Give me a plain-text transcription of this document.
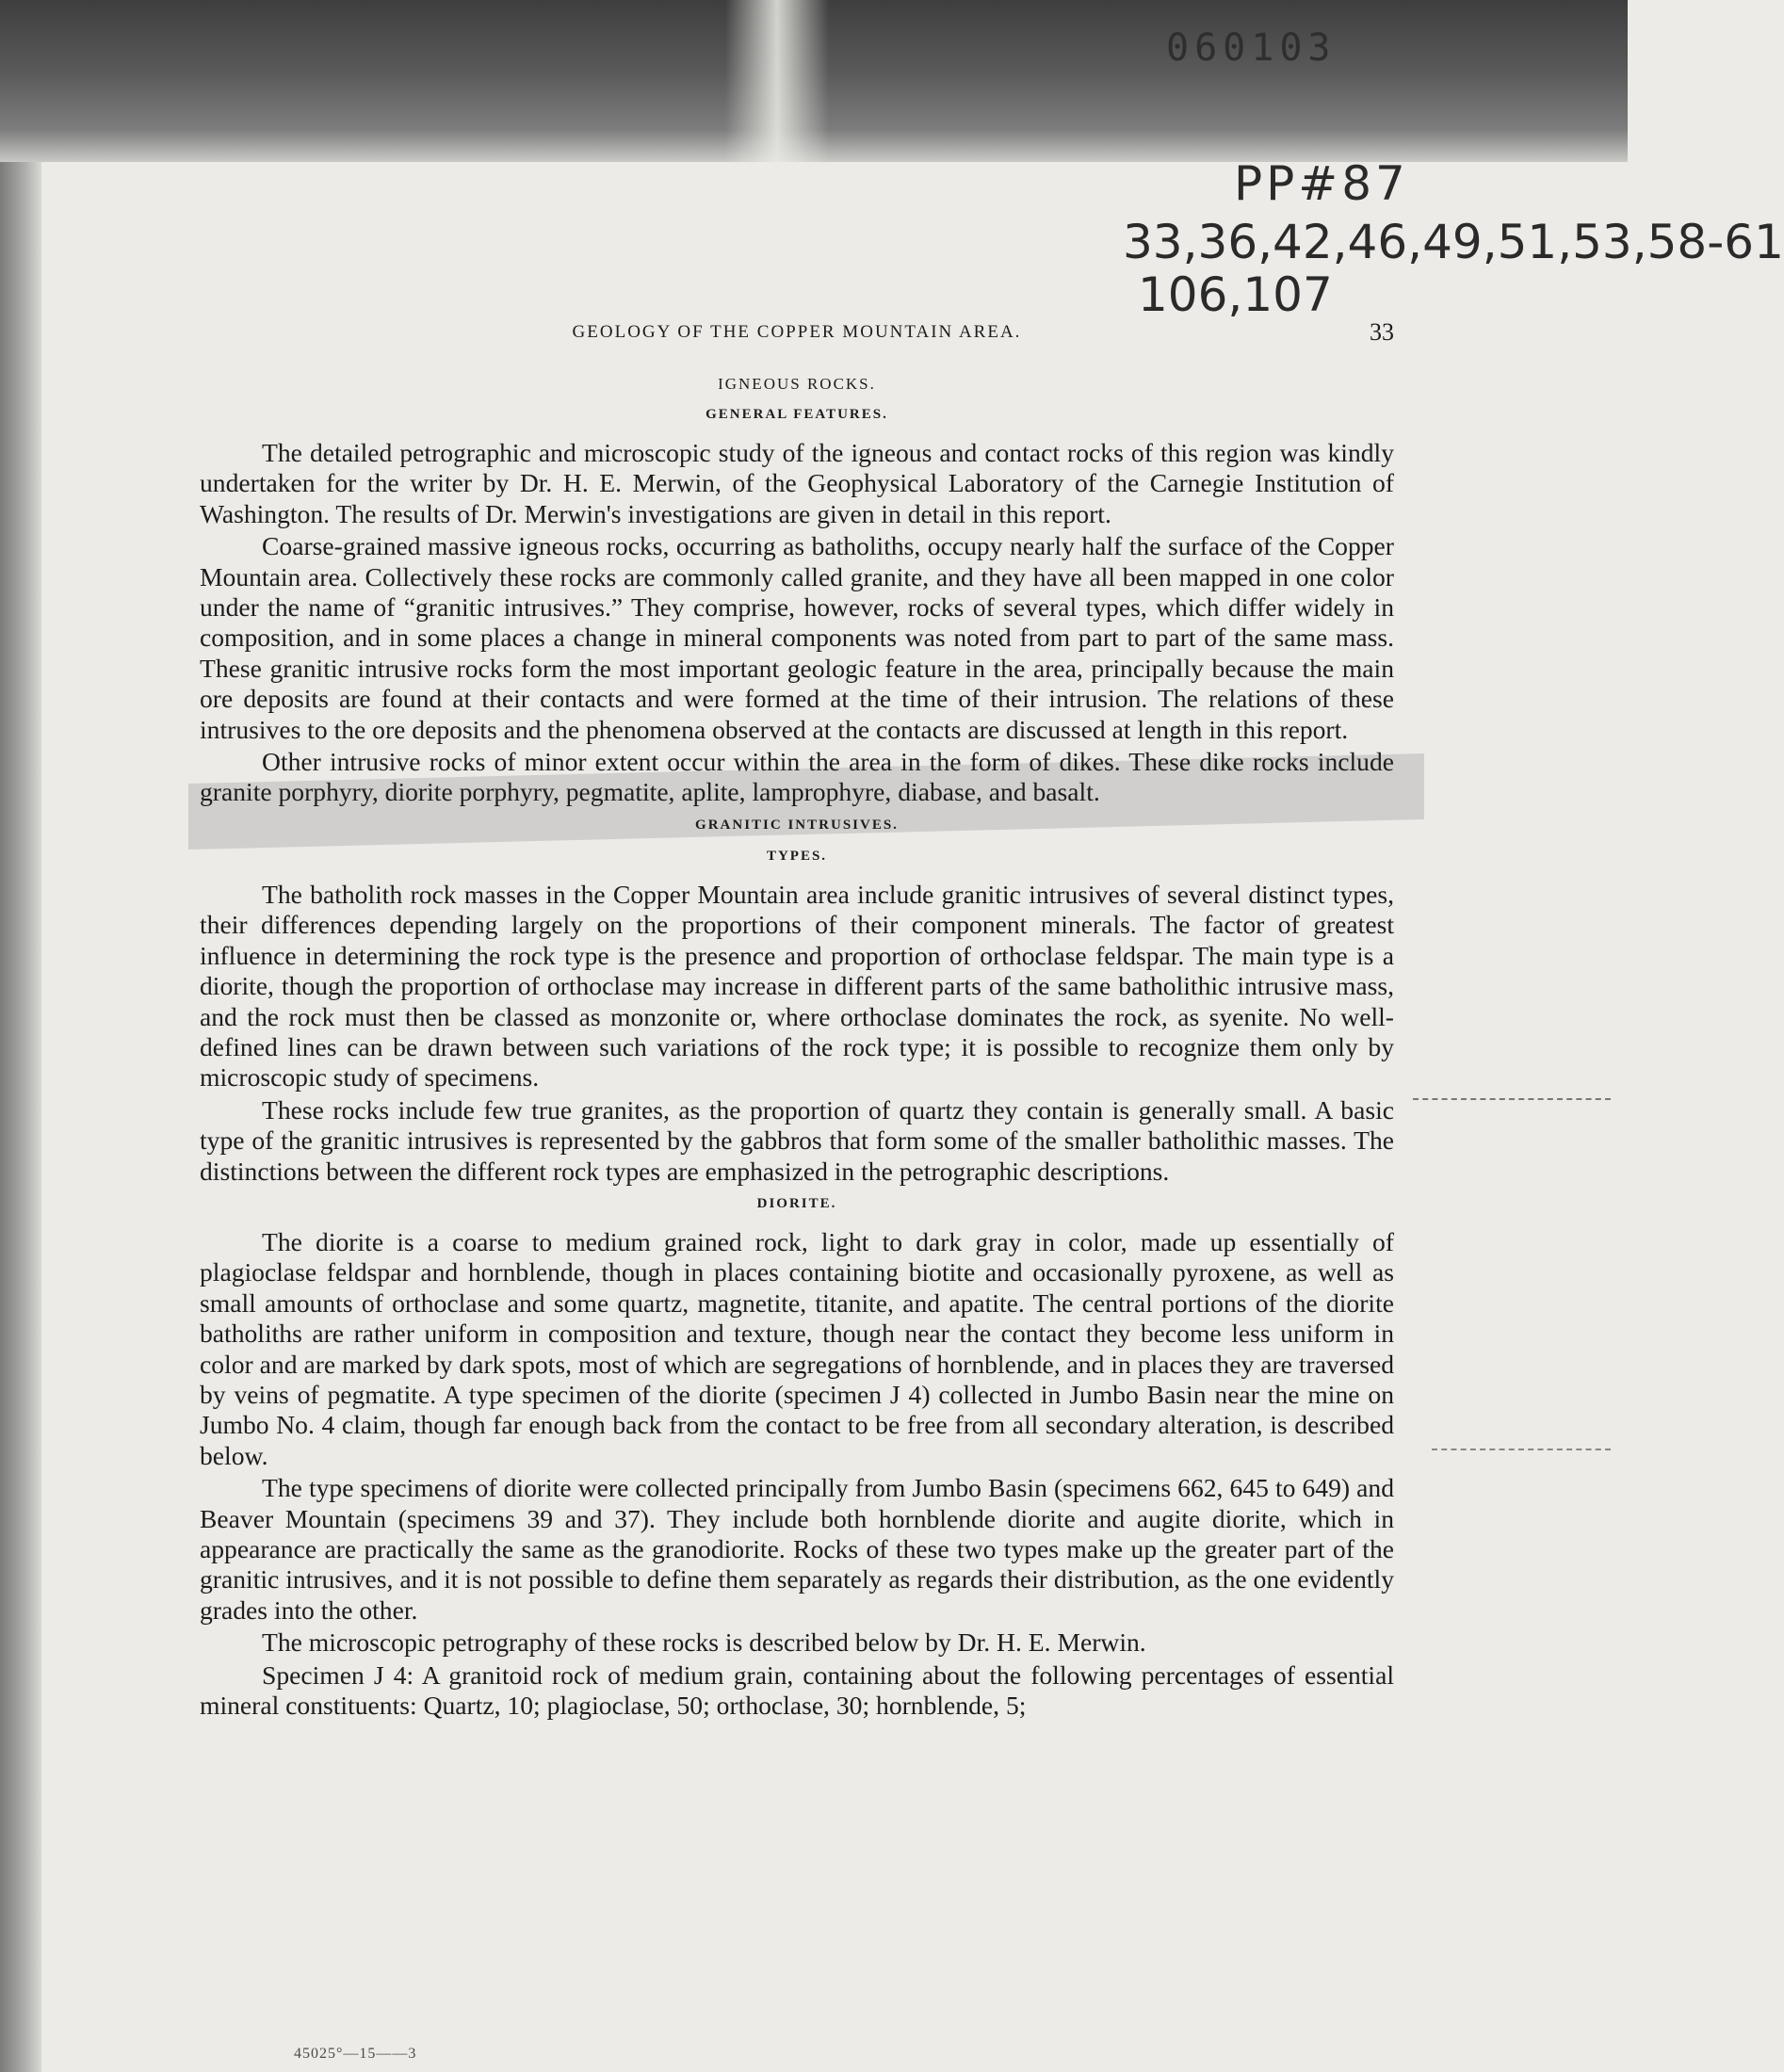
060103
PP#87
33,36,42,46,49,51,53,58-61
106,107
GEOLOGY OF THE COPPER MOUNTAIN AREA.	33
IGNEOUS ROCKS.
GENERAL FEATURES.

The detailed petrographic and microscopic study of the igneous and contact rocks of this region was kindly undertaken for the writer by Dr. H. E. Merwin, of the Geophysical Laboratory of the Carnegie Institution of Washington. The results of Dr. Merwin's investigations are given in detail in this report.

Coarse-grained massive igneous rocks, occurring as batholiths, occupy nearly half the surface of the Copper Mountain area. Collectively these rocks are commonly called granite, and they have all been mapped in one color under the name of “granitic intrusives.” They comprise, however, rocks of several types, which differ widely in composition, and in some places a change in mineral components was noted from part to part of the same mass. These granitic intrusive rocks form the most important geologic feature in the area, principally because the main ore deposits are found at their contacts and were formed at the time of their intrusion. The relations of these intrusives to the ore deposits and the phenomena observed at the contacts are discussed at length in this report.

Other intrusive rocks of minor extent occur within the area in the form of dikes. These dike rocks include granite porphyry, diorite porphyry, pegmatite, aplite, lamprophyre, diabase, and basalt.

GRANITIC INTRUSIVES.
TYPES.

The batholith rock masses in the Copper Mountain area include granitic intrusives of several distinct types, their differences depending largely on the proportions of their component minerals. The factor of greatest influence in determining the rock type is the presence and proportion of orthoclase feldspar. The main type is a diorite, though the proportion of orthoclase may increase in different parts of the same batholithic intrusive mass, and the rock must then be classed as monzonite or, where orthoclase dominates the rock, as syenite. No well-defined lines can be drawn between such variations of the rock type; it is possible to recognize them only by microscopic study of specimens.

These rocks include few true granites, as the proportion of quartz they contain is generally small. A basic type of the granitic intrusives is represented by the gabbros that form some of the smaller batholithic masses. The distinctions between the different rock types are emphasized in the petrographic descriptions.

DIORITE.

The diorite is a coarse to medium grained rock, light to dark gray in color, made up essentially of plagioclase feldspar and hornblende, though in places containing biotite and occasionally pyroxene, as well as small amounts of orthoclase and some quartz, magnetite, titanite, and apatite. The central portions of the diorite batholiths are rather uniform in composition and texture, though near the contact they become less uniform in color and are marked by dark spots, most of which are segregations of hornblende, and in places they are traversed by veins of pegmatite. A type specimen of the diorite (specimen J 4) collected in Jumbo Basin near the mine on Jumbo No. 4 claim, though far enough back from the contact to be free from all secondary alteration, is described below.

The type specimens of diorite were collected principally from Jumbo Basin (specimens 662, 645 to 649) and Beaver Mountain (specimens 39 and 37). They include both hornblende diorite and augite diorite, which in appearance are practically the same as the granodiorite. Rocks of these two types make up the greater part of the granitic intrusives, and it is not possible to define them separately as regards their distribution, as the one evidently grades into the other.

The microscopic petrography of these rocks is described below by Dr. H. E. Merwin.

Specimen J 4: A granitoid rock of medium grain, containing about the following percentages of essential mineral constituents: Quartz, 10; plagioclase, 50; orthoclase, 30; hornblende, 5;

45025°—15——3
